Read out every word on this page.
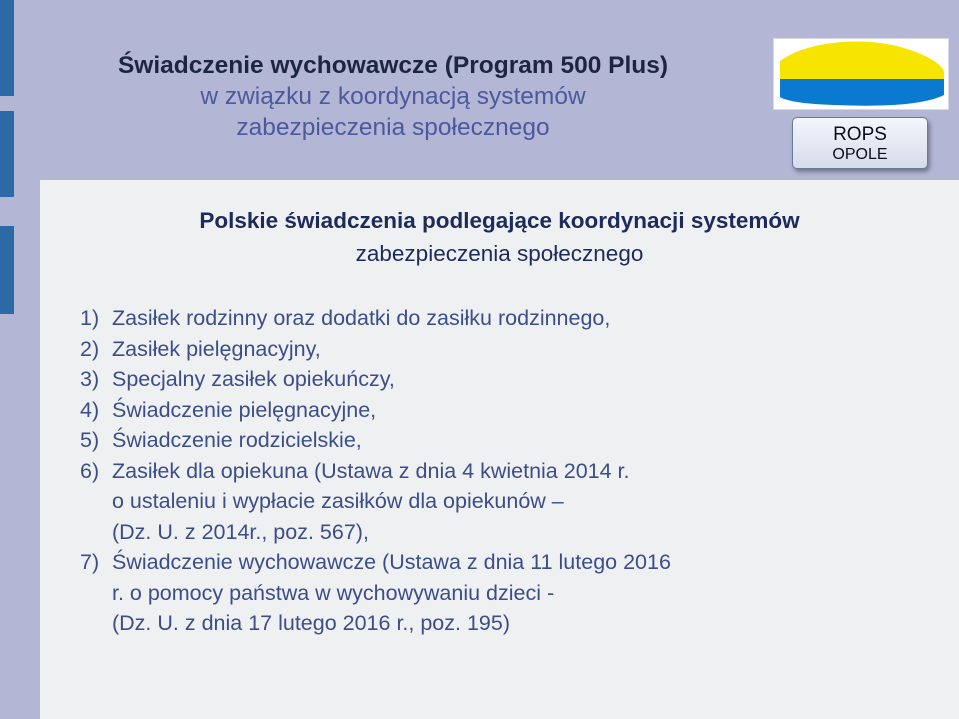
Świadczenie wychowawcze (Program 500 Plus)
w związku z koordynacją systemów
zabezpieczenia społecznego	ROPS
OPOLE
Polskie świadczenia podlegające koordynacji systemów
zabezpieczenia społecznego
1) Zasiłek rodzinny oraz dodatki do zasiłku rodzinnego,
2) Zasiłek pielęgnacyjny,
3) Specjalny zasiłek opiekuńczy,
4) Świadczenie pielęgnacyjne,
5) Świadczenie rodzicielskie,
6) Zasiłek dla opiekuna (Ustawa z dnia 4 kwietnia 2014 r.
o ustaleniu i wypłacie zasiłków dla opiekunów –
(Dz. U. z 2014r., poz. 567),
7) Świadczenie wychowawcze (Ustawa z dnia 11 lutego 2016
r. o pomocy państwa w wychowywaniu dzieci -
(Dz. U. z dnia 17 lutego 2016 r., poz. 195)
